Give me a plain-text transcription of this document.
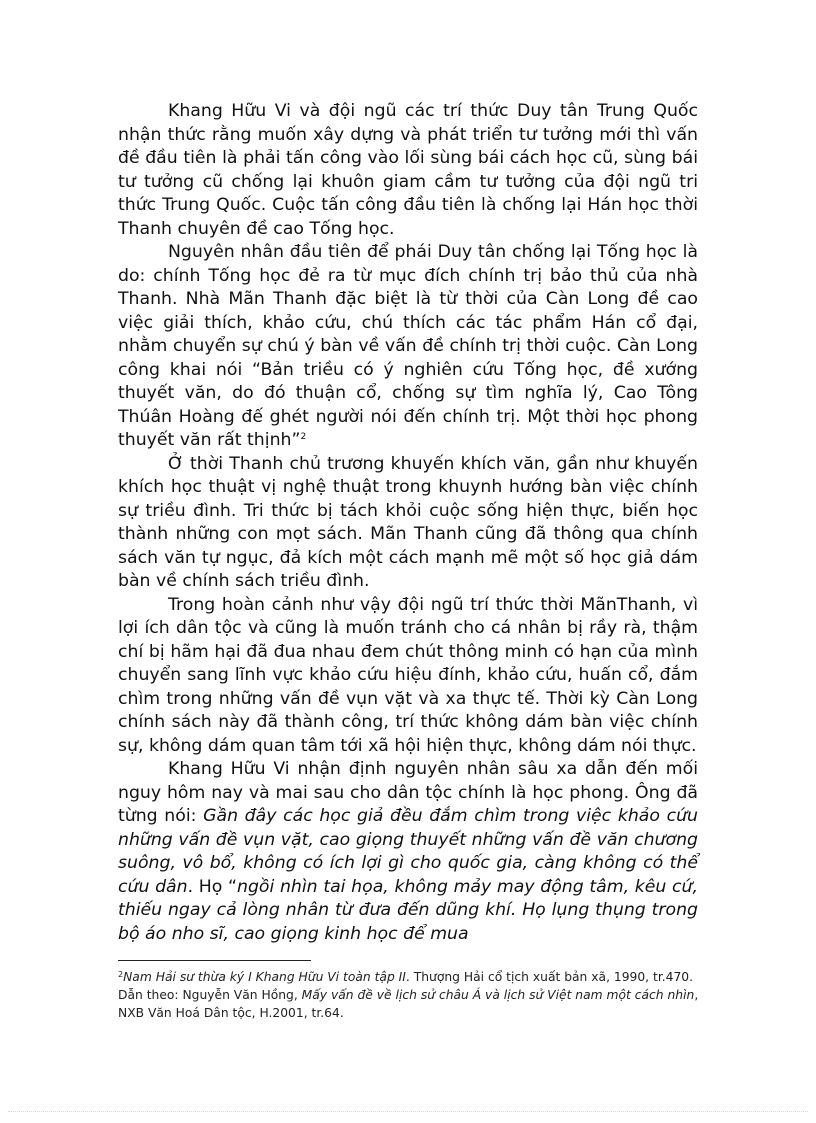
Khang Hữu Vi và đội ngũ các trí thức Duy tân Trung Quốc nhận thức rằng muốn xây dựng và phát triển tư tưởng mới thì vấn đề đầu tiên là phải tấn công vào lối sùng bái cách học cũ, sùng bái tư tưởng cũ chống lại khuôn giam cầm tư tưởng của đội ngũ tri thức Trung Quốc. Cuộc tấn công đầu tiên là chống lại Hán học thời Thanh chuyên đề cao Tống học.

Nguyên nhân đầu tiên để phái Duy tân chống lại Tống học là do: chính Tống học đẻ ra từ mục đích chính trị bảo thủ của nhà Thanh. Nhà Mãn Thanh đặc biệt là từ thời của Càn Long đề cao việc giải thích, khảo cứu, chú thích các tác phẩm Hán cổ đại, nhằm chuyển sự chú ý bàn về vấn đề chính trị thời cuộc. Càn Long công khai nói “Bản triều có ý nghiên cứu Tống học, đề xướng thuyết văn, do đó thuận cổ, chống sự tìm nghĩa lý, Cao Tông Thúân Hoàng đế ghét người nói đến chính trị. Một thời học phong thuyết văn rất thịnh”$^2$

Ở thời Thanh chủ trương khuyến khích văn, gần như khuyến khích học thuật vị nghệ thuật trong khuynh hướng bàn việc chính sự triều đình. Tri thức bị tách khỏi cuộc sống hiện thực, biến học thành những con mọt sách. Mãn Thanh cũng đã thông qua chính sách văn tự ngục, đả kích một cách mạnh mẽ một số học giả dám bàn về chính sách triều đình.

Trong hoàn cảnh như vậy đội ngũ trí thức thời MãnThanh, vì lợi ích dân tộc và cũng là muốn tránh cho cá nhân bị rầy rà, thậm chí bị hãm hại đã đua nhau đem chút thông minh có hạn của mình chuyển sang lĩnh vực khảo cứu hiệu đính, khảo cứu, huấn cổ, đắm chìm trong những vấn đề vụn vặt và xa thực tế. Thời kỳ Càn Long chính sách này đã thành công, trí thức không dám bàn việc chính sự, không dám quan tâm tới xã hội hiện thực, không dám nói thực.

Khang Hữu Vi nhận định nguyên nhân sâu xa dẫn đến mối nguy hôm nay và mai sau cho dân tộc chính là học phong. Ông đã từng nói: Gần đây các học giả đều đắm chìm trong việc khảo cứu những vấn đề vụn vặt, cao giọng thuyết những vấn đề văn chương suông, vô bổ, không có ích lợi gì cho quốc gia, càng không có thể cứu dân. Họ “ngồi nhìn tai họa, không mảy may động tâm, kêu cứ, thiếu ngay cả lòng nhân từ đưa đến dũng khí. Họ lụng thụng trong bộ áo nho sĩ, cao giọng kinh học để mua

$^2$Nam Hải sư thừa ký I Khang Hữu Vi toàn tập II. Thượng Hải cổ tịch xuất bản xã, 1990, tr.470. Dẫn theo: Nguyễn Văn Hồng, Mấy vấn đề về lịch sử châu Á và lịch sử Việt nam một cách nhìn, NXB Văn Hoá Dân tộc, H.2001, tr.64.
